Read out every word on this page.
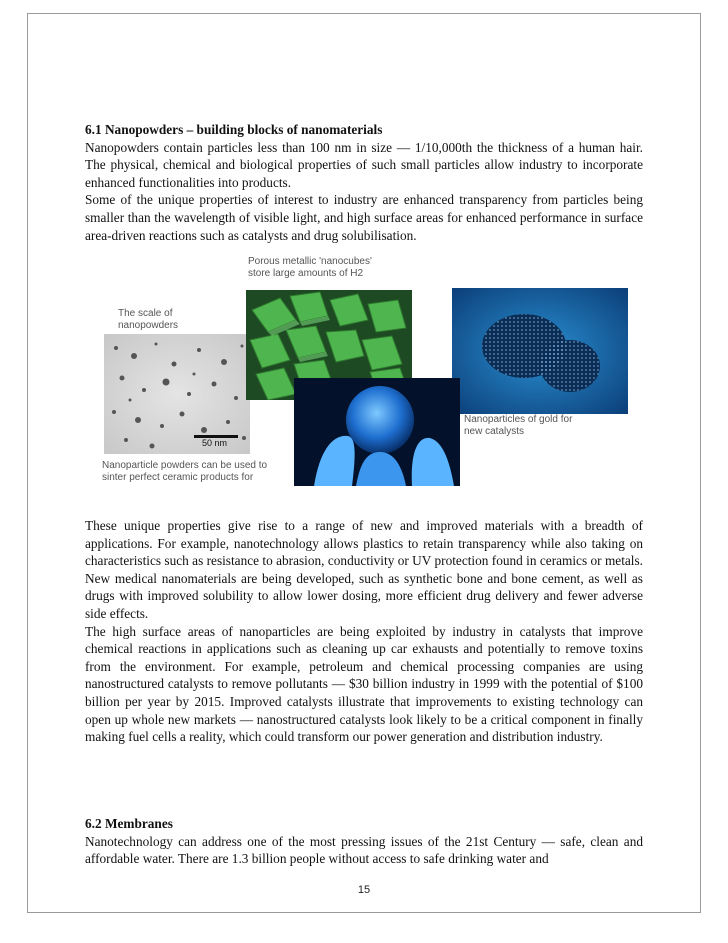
6.1 Nanopowders – building blocks of nanomaterials

Nanopowders contain particles less than 100 nm in size — 1/10,000th the thickness of a human hair. The physical, chemical and biological properties of such small particles allow industry to incorporate enhanced functionalities into products.

Some of the unique properties of interest to industry are enhanced transparency from particles being smaller than the wavelength of visible light, and high surface areas for enhanced performance in surface area-driven reactions such as catalysts and drug solubilisation.

Porous metallic 'nanocubes'
store large amounts of H2
The scale of
nanopowders
50 nm
Nanoparticles of gold for
new catalysts
Nanoparticle powders can be used to
sinter perfect ceramic products for

These unique properties give rise to a range of new and improved materials with a breadth of applications. For example, nanotechnology allows plastics to retain transparency while also taking on characteristics such as resistance to abrasion, conductivity or UV protection found in ceramics or metals. New medical nanomaterials are being developed, such as synthetic bone and bone cement, as well as drugs with improved solubility to allow lower dosing, more efficient drug delivery and fewer adverse side effects.

The high surface areas of nanoparticles are being exploited by industry in catalysts that improve chemical reactions in applications such as cleaning up car exhausts and potentially to remove toxins from the environment. For example, petroleum and chemical processing companies are using nanostructured catalysts to remove pollutants — $30 billion industry in 1999 with the potential of $100 billion per year by 2015. Improved catalysts illustrate that improvements to existing technology can open up whole new markets — nanostructured catalysts look likely to be a critical component in finally making fuel cells a reality, which could transform our power generation and distribution industry.

6.2 Membranes

Nanotechnology can address one of the most pressing issues of the 21st Century — safe, clean and affordable water. There are 1.3 billion people without access to safe drinking water and

15
